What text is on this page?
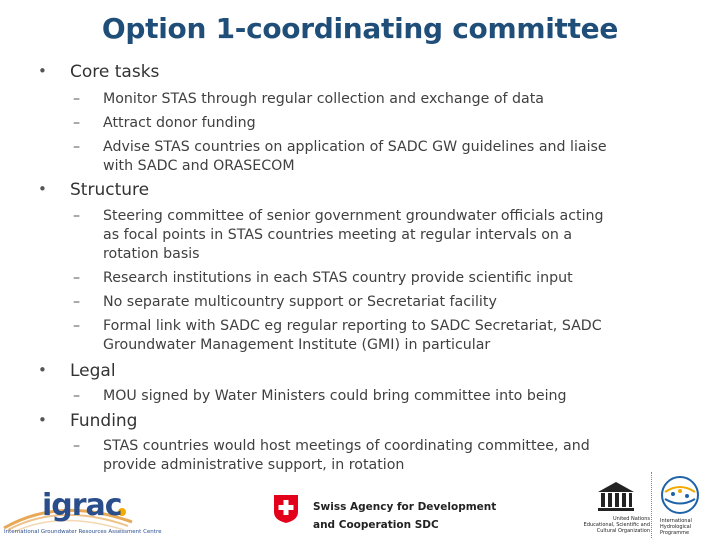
Option 1-coordinating committee
• Core tasks
– Monitor STAS through regular collection and exchange of data
– Attract donor funding
– Advise STAS countries on application of SADC GW guidelines and liaise
with SADC and ORASECOM
• Structure
– Steering committee of senior government groundwater officials acting
as focal points in STAS countries meeting at regular intervals on a
rotation basis
– Research institutions in each STAS country provide scientific input
– No separate multicountry support or Secretariat facility
– Formal link with SADC eg regular reporting to SADC Secretariat, SADC
Groundwater Management Institute (GMI) in particular
• Legal
– MOU signed by Water Ministers could bring committee into being
• Funding
– STAS countries would host meetings of coordinating committee, and
provide administrative support, in rotation
igrac
International Groundwater Resources Assessment Centre
Swiss Agency for Development
and Cooperation SDC	United Nations
Educational, Scientific and
Cultural Organization
International
Hydrological
Programme
